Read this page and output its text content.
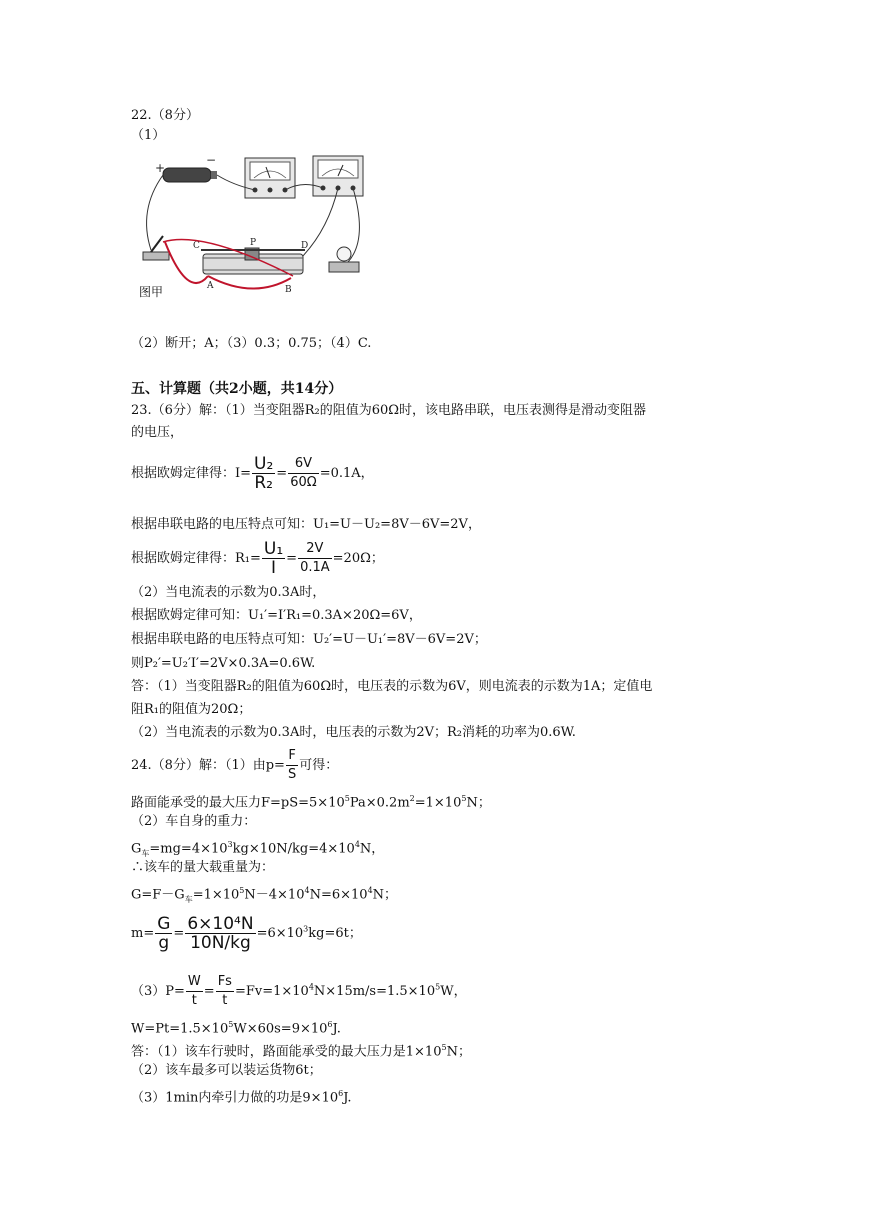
22.（8分）
（1）
+
−
C	P	D
A	B
图甲
（2）断开；A；（3）0.3；0.75；（4）C.
五、计算题（共2小题，共14分）
23.（6分）解：（1）当变阻器R₂的阻值为60Ω时，该电路串联，电压表测得是滑动变阻器
的电压，
根据欧姆定律得：$I= \frac{\text{U₂}}{\text{R₂}} = \frac{6V}{60\Omega} =0.1A$，
根据串联电路的电压特点可知：U₁=U－U₂=8V－6V=2V，
根据欧姆定律得：$R_1= \frac{\text{U₁}}{I} = \frac{2V}{0.1A} =20\Omega$；
（2）当电流表的示数为0.3A时，
根据欧姆定律可知：U₁′=I′R₁=0.3A×20Ω=6V，
根据串联电路的电压特点可知：U₂′=U－U₁′=8V－6V=2V；
则P₂′=U₂′I′=2V×0.3A=0.6W.
答：（1）当变阻器R₂的阻值为60Ω时，电压表的示数为6V，则电流表的示数为1A；定值电
阻R₁的阻值为20Ω；
（2）当电流表的示数为0.3A时，电压表的示数为2V；R₂消耗的功率为0.6W.
24.（8分）解：（1）由$p= \frac{F}{S}$ 可得：
路面能承受的最大压力$F=pS=5\times 10^5Pa\times 0.2m^2=1\times 10^5N$；
（2）车自身的重力：
$G_车=mg=4\times 10^3kg\times 10N/kg=4\times 10^4N$，
∴该车的量大载重量为：
$G=F-G_车=1\times 10^5N-4\times 10^4N=6\times 10^4N$；
$m= \frac{G}{g} = \frac{\text{6×10⁴N}}{10N/kg} =6\times 10^3kg=6t$；
$(3)P= \frac{W}{t} = \frac{Fs}{t} =Fv=1\times 10^4N\times 15m/s=1.5\times 10^5W$，
$W=Pt=1.5\times 10^5W\times 60s=9\times 10^6J$.
答：（1）该车行驶时，路面能承受的最大压力是$1\times 10^5N$；
（2）该车最多可以装运货物6t；
（3）1min内牵引力做的功是$9\times 10^6J$.
